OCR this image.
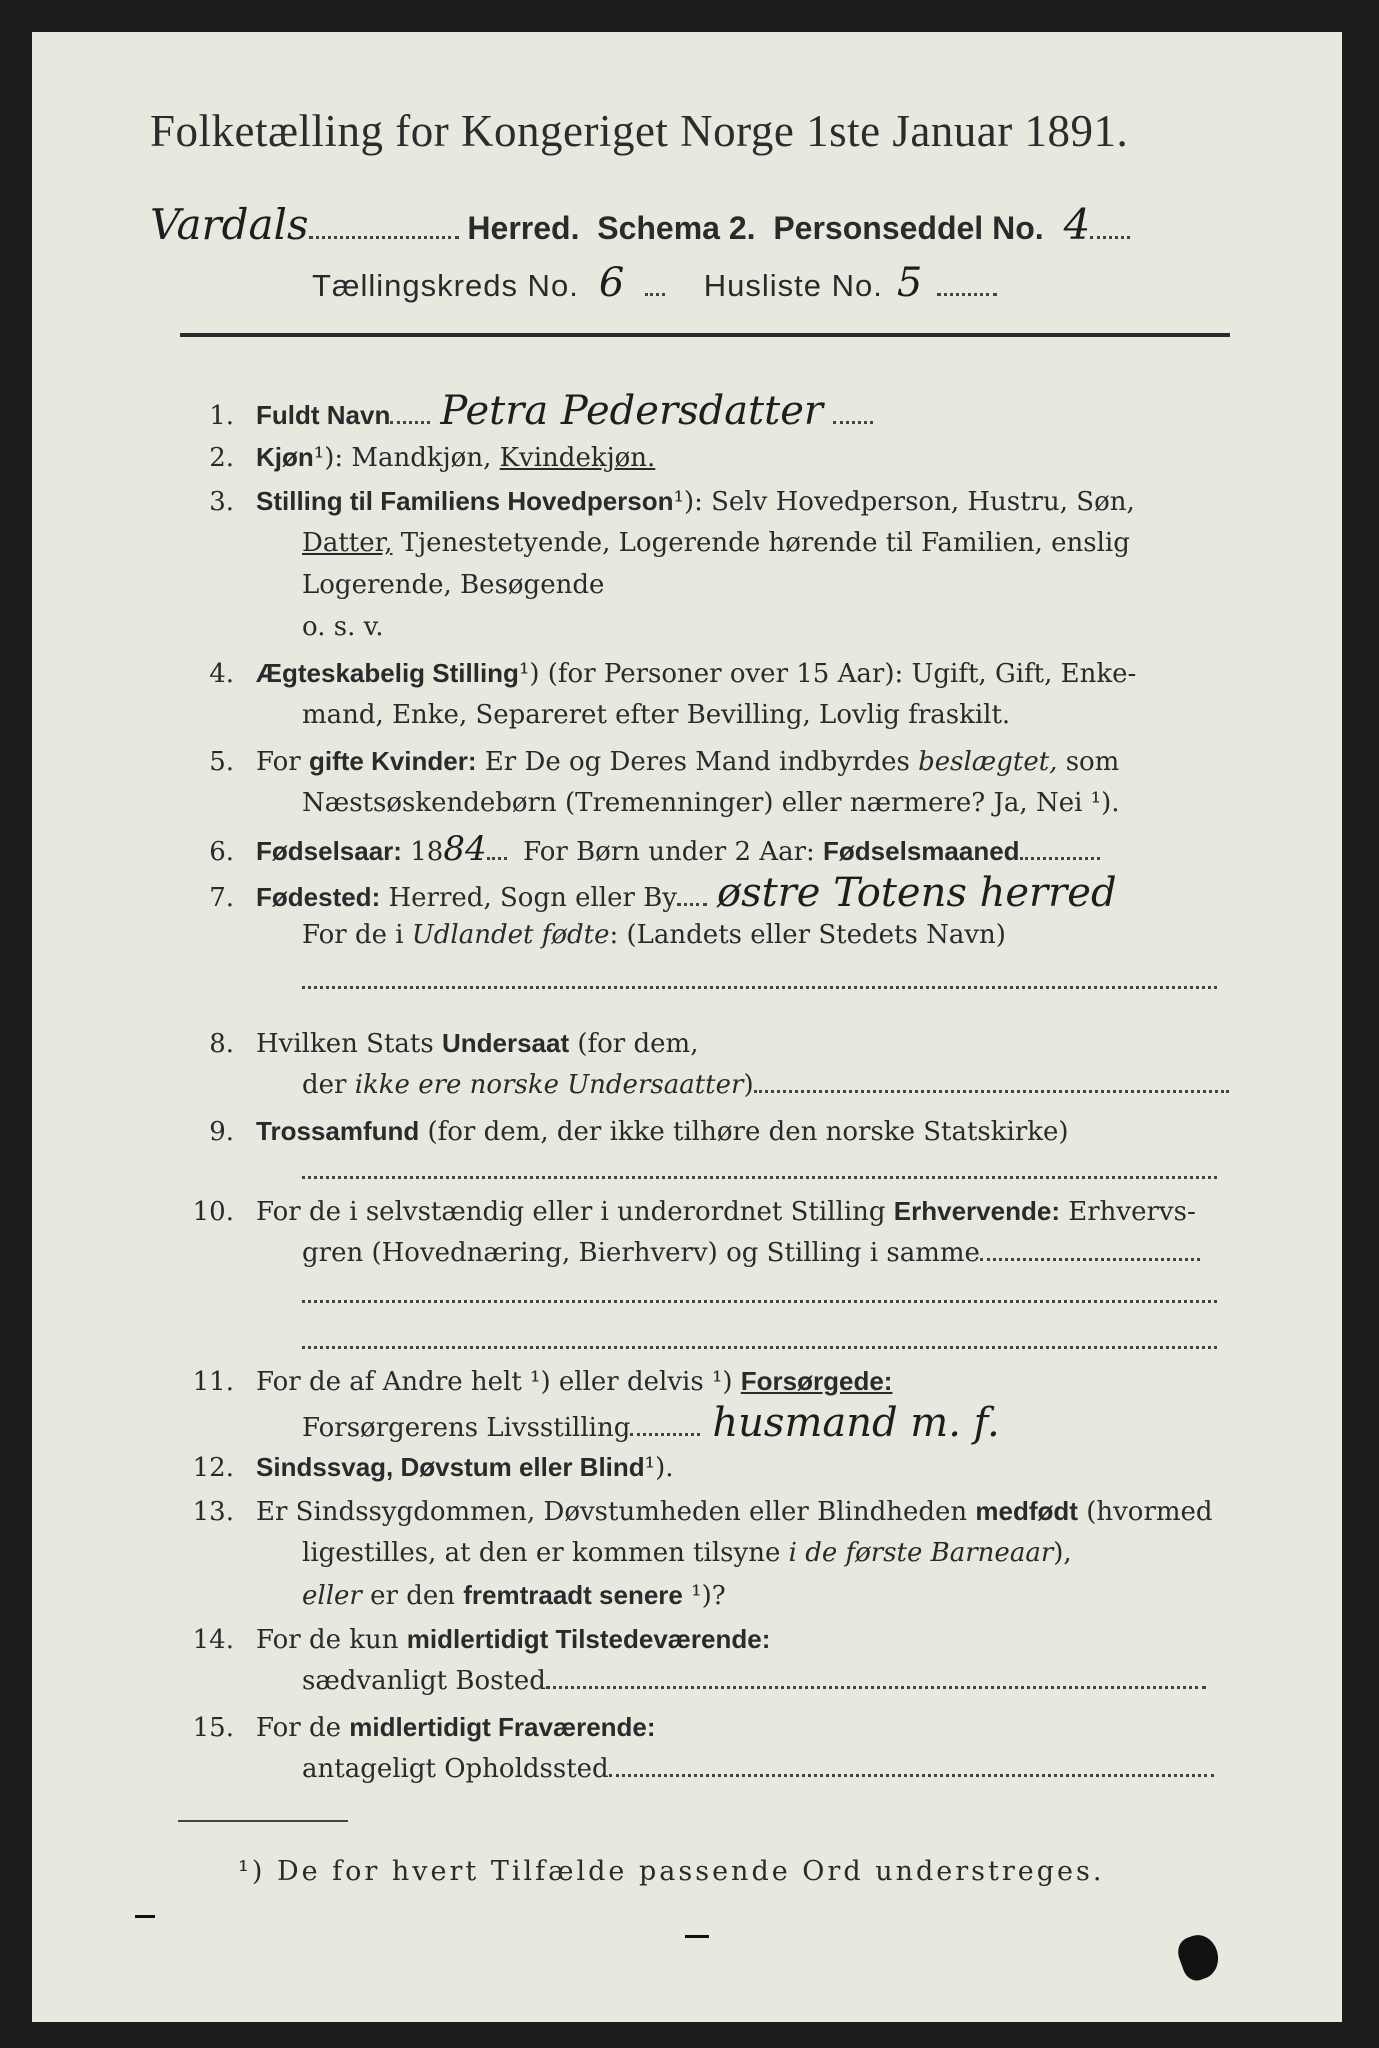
Folketælling for Kongeriget Norge 1ste Januar 1891.
Vardals	Herred. Schema 2. Personseddel No. 4
Tællingskreds No. 6	Husliste No. 5
1. Fuldt Navn Petra Pedersdatter
2. Kjøn¹): Mandkjøn, Kvindekjøn.
3. Stilling til Familiens Hovedperson¹): Selv Hovedperson, Hustru, Søn,
Datter, Tjenestetyende, Logerende hørende til Familien, enslig
Logerende, Besøgende
o. s. v.
4. Ægteskabelig Stilling¹) (for Personer over 15 Aar): Ugift, Gift, Enke-
mand, Enke, Separeret efter Bevilling, Lovlig fraskilt.
5. For gifte Kvinder: Er De og Deres Mand indbyrdes beslægtet, som
Næstsøskendebørn (Tremenninger) eller nærmere? Ja, Nei ¹).
6. Fødselsaar: 1884 For Børn under 2 Aar: Fødselsmaaned
7. Fødested: Herred, Sogn eller By østre Totens herred
For de i Udlandet fødte: (Landets eller Stedets Navn)
8. Hvilken Stats Undersaat (for dem,
der ikke ere norske Undersaatter)
9. Trossamfund (for dem, der ikke tilhøre den norske Statskirke)
10. For de i selvstændig eller i underordnet Stilling Erhvervende: Erhvervs-
gren (Hovednæring, Bierhverv) og Stilling i samme
11. For de af Andre helt ¹) eller delvis ¹) Forsørgede:
Forsørgerens Livsstilling husmand m. f.
12. Sindssvag, Døvstum eller Blind¹).
13. Er Sindssygdommen, Døvstumheden eller Blindheden medfødt (hvormed
ligestilles, at den er kommen tilsyne i de første Barneaar),
eller er den fremtraadt senere ¹)?
14. For de kun midlertidigt Tilstedeværende:
sædvanligt Bosted
15. For de midlertidigt Fraværende:
antageligt Opholdssted
¹) De for hvert Tilfælde passende Ord understreges.
